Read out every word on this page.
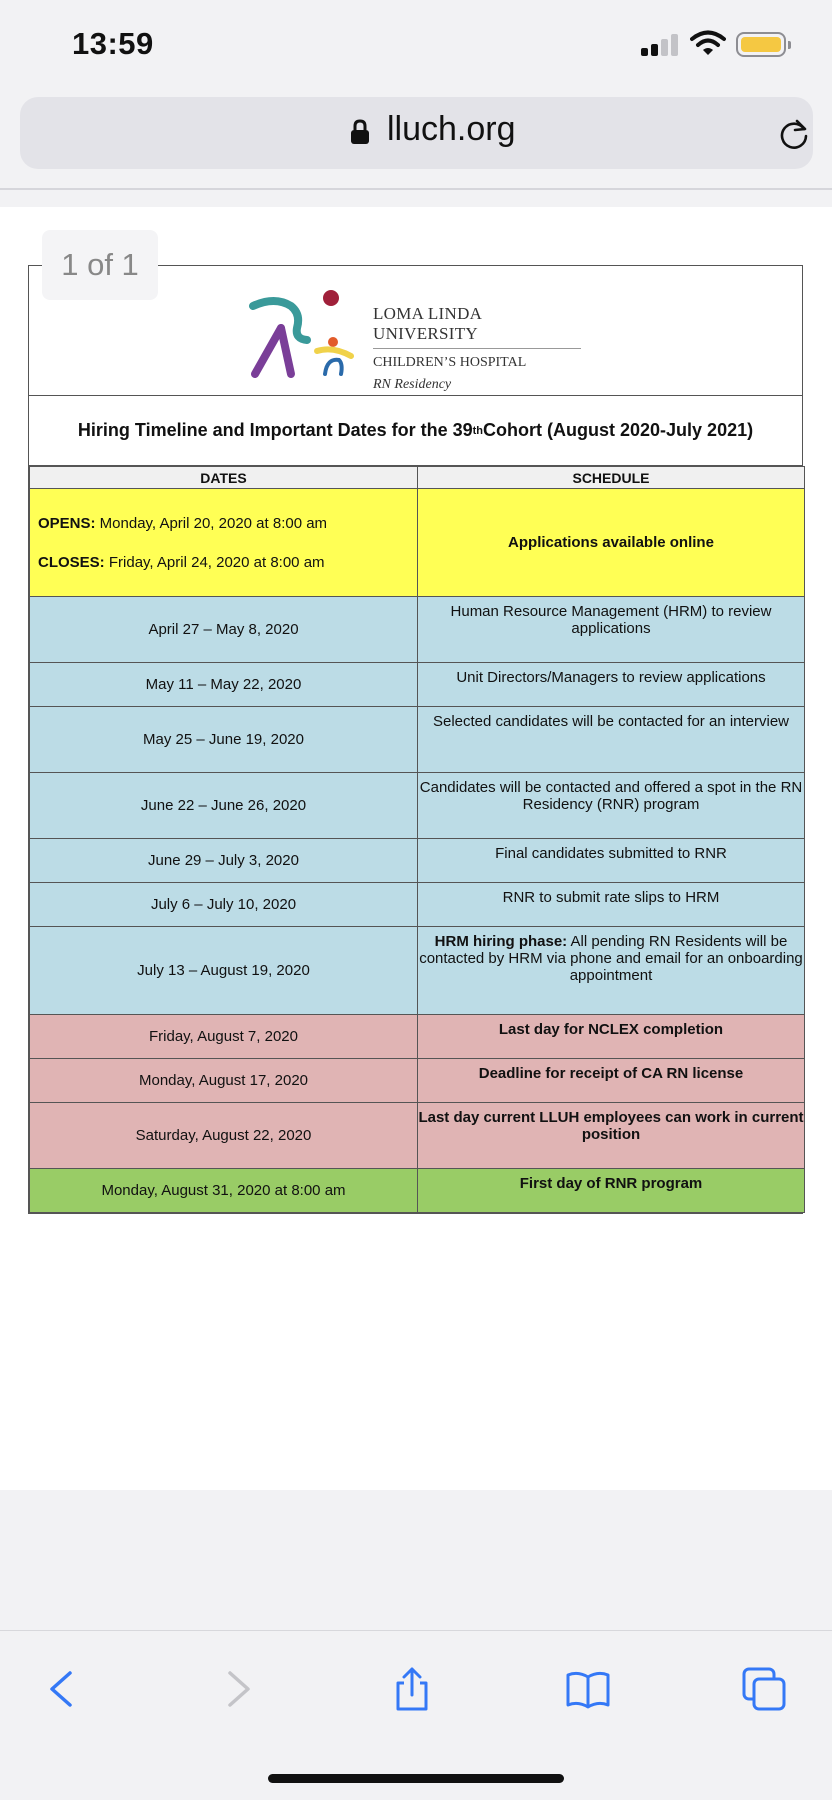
13:59
lluch.org
LOMA LINDA UNIVERSITY
CHILDREN’S HOSPITAL
RN Residency
Hiring Timeline and Important Dates for the 39 th Cohort (August 2020-July 2021)
DATES	SCHEDULE

OPENS: Monday, April 20, 2020 at 8:00 am
CLOSES: Friday, April 24, 2020 at 8:00 am	Applications available online
April 27 – May 8, 2020	Human Resource Management (HRM) to review applications
May 11 – May 22, 2020	Unit Directors/Managers to review applications
May 25 – June 19, 2020	Selected candidates will be contacted for an interview
June 22 – June 26, 2020	Candidates will be contacted and offered a spot in the RN Residency (RNR) program
June 29 – July 3, 2020	Final candidates submitted to RNR
July 6 – July 10, 2020	RNR to submit rate slips to HRM
July 13 – August 19, 2020	HRM hiring phase: All pending RN Residents will be contacted by HRM via phone and email for an onboarding appointment
Friday, August 7, 2020	Last day for NCLEX completion
Monday, August 17, 2020	Deadline for receipt of CA RN license
Saturday, August 22, 2020	Last day current LLUH employees can work in current position
Monday, August 31, 2020 at 8:00 am	First day of RNR program
1 of 1
